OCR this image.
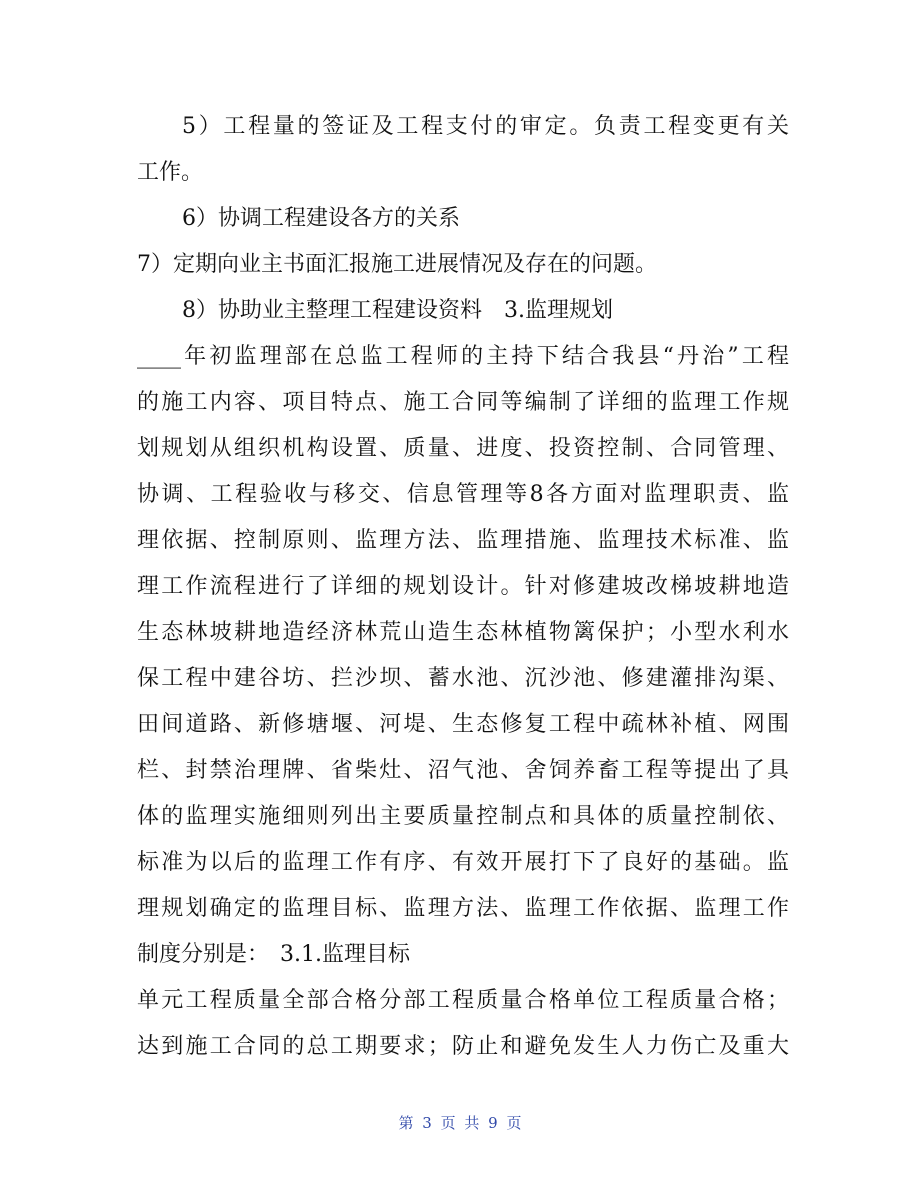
5）工程量的签证及工程支付的审定。负责工程变更有关
工作。
6）协调工程建设各方的关系
7）定期向业主书面汇报施工进展情况及存在的问题。
8）协助业主整理工程建设资料　3.监理规划
____年初监理部在总监工程师的主持下结合我县“丹治”工程
的施工内容、项目特点、施工合同等编制了详细的监理工作规
划规划从组织机构设置、质量、进度、投资控制、合同管理、
协调、工程验收与移交、信息管理等8各方面对监理职责、监
理依据、控制原则、监理方法、监理措施、监理技术标准、监
理工作流程进行了详细的规划设计。针对修建坡改梯坡耕地造
生态林坡耕地造经济林荒山造生态林植物篱保护；小型水利水
保工程中建谷坊、拦沙坝、蓄水池、沉沙池、修建灌排沟渠、
田间道路、新修塘堰、河堤、生态修复工程中疏林补植、网围
栏、封禁治理牌、省柴灶、沼气池、舍饲养畜工程等提出了具
体的监理实施细则列出主要质量控制点和具体的质量控制依、
标准为以后的监理工作有序、有效开展打下了良好的基础。监
理规划确定的监理目标、监理方法、监理工作依据、监理工作
制度分别是：　3.1.监理目标
单元工程质量全部合格分部工程质量合格单位工程质量合格；
达到施工合同的总工期要求；防止和避免发生人力伤亡及重大
第 3 页 共 9 页
